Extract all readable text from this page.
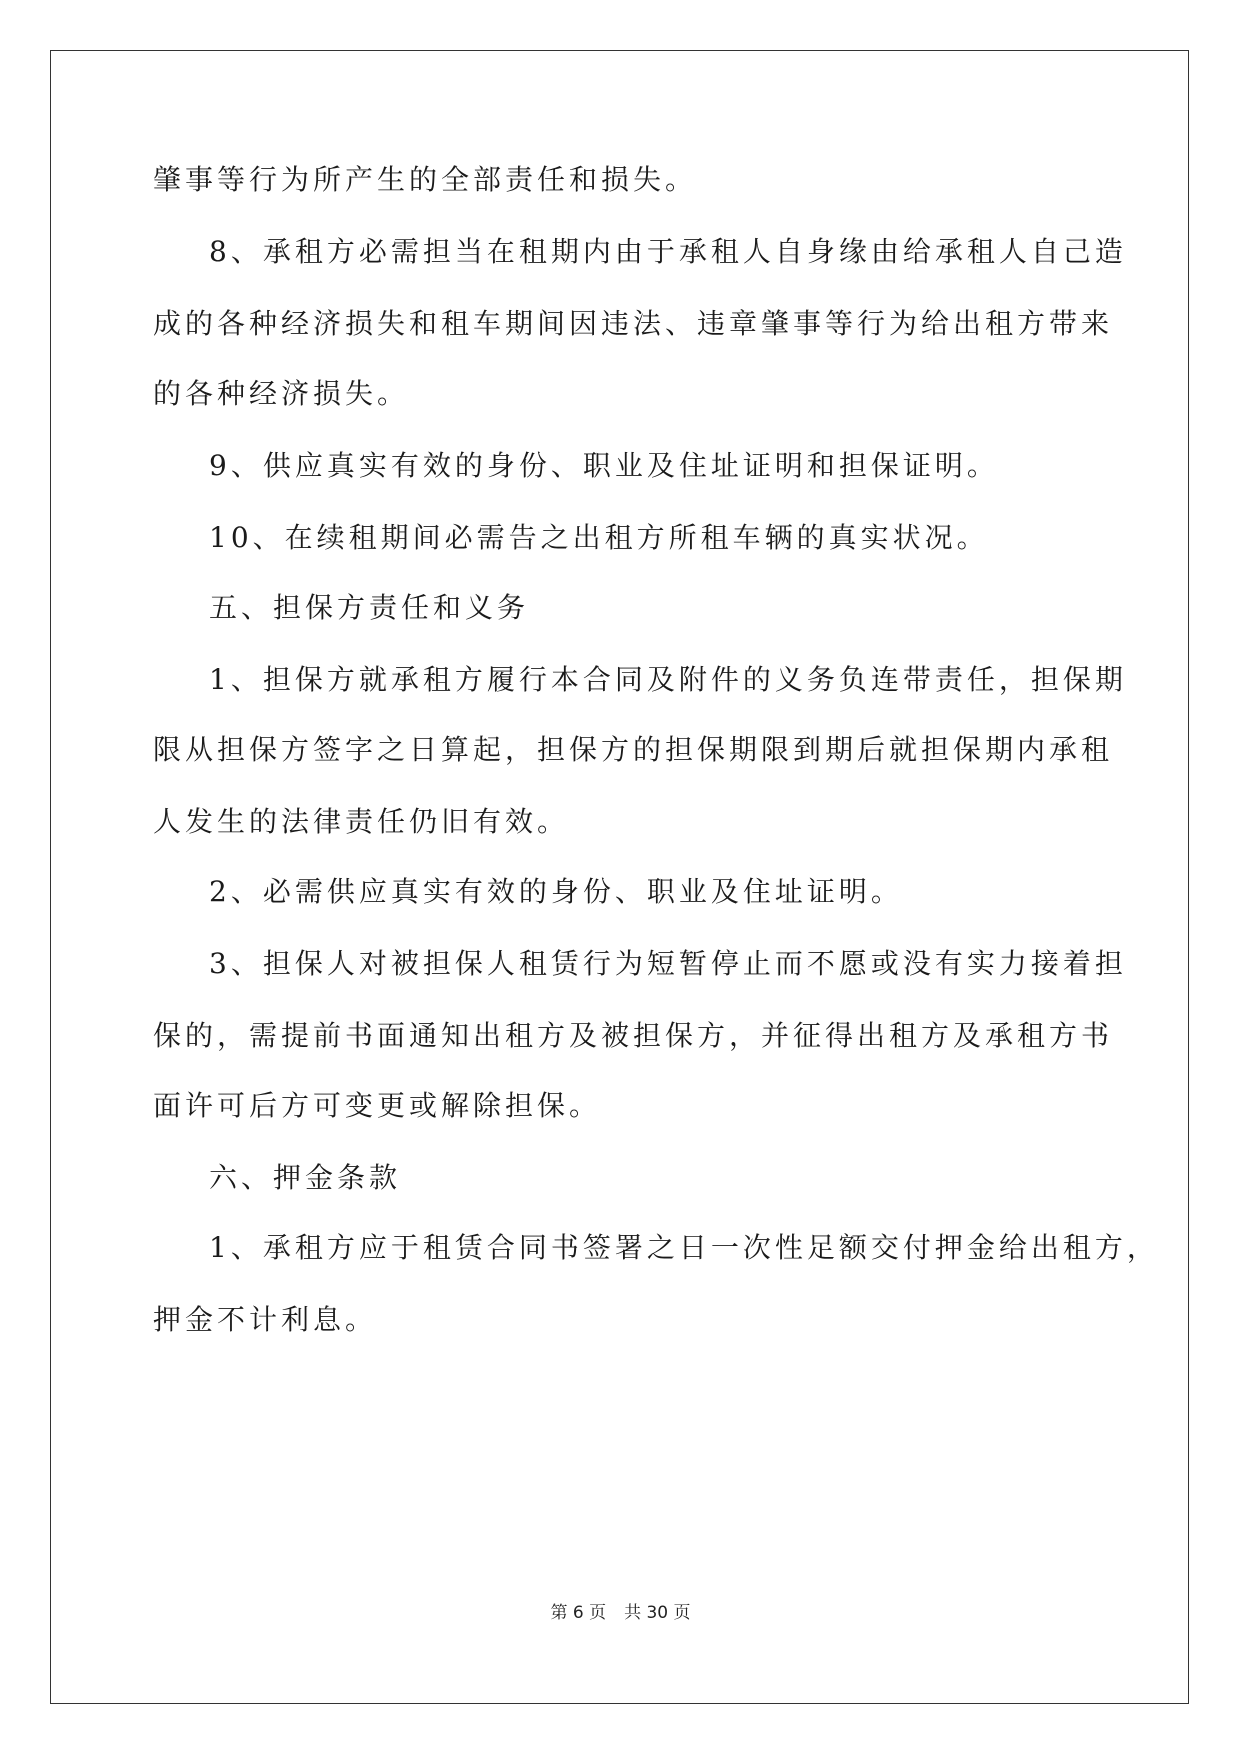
肇事等行为所产生的全部责任和损失。
8、承租方必需担当在租期内由于承租人自身缘由给承租人自己造
成的各种经济损失和租车期间因违法、违章肇事等行为给出租方带来
的各种经济损失。
9、供应真实有效的身份、职业及住址证明和担保证明。
10、在续租期间必需告之出租方所租车辆的真实状况。
五、担保方责任和义务
1、担保方就承租方履行本合同及附件的义务负连带责任，担保期
限从担保方签字之日算起，担保方的担保期限到期后就担保期内承租
人发生的法律责任仍旧有效。
2、必需供应真实有效的身份、职业及住址证明。
3、担保人对被担保人租赁行为短暂停止而不愿或没有实力接着担
保的，需提前书面通知出租方及被担保方，并征得出租方及承租方书
面许可后方可变更或解除担保。
六、押金条款
1、承租方应于租赁合同书签署之日一次性足额交付押金给出租方，
押金不计利息。
第 6 页 共 30 页
